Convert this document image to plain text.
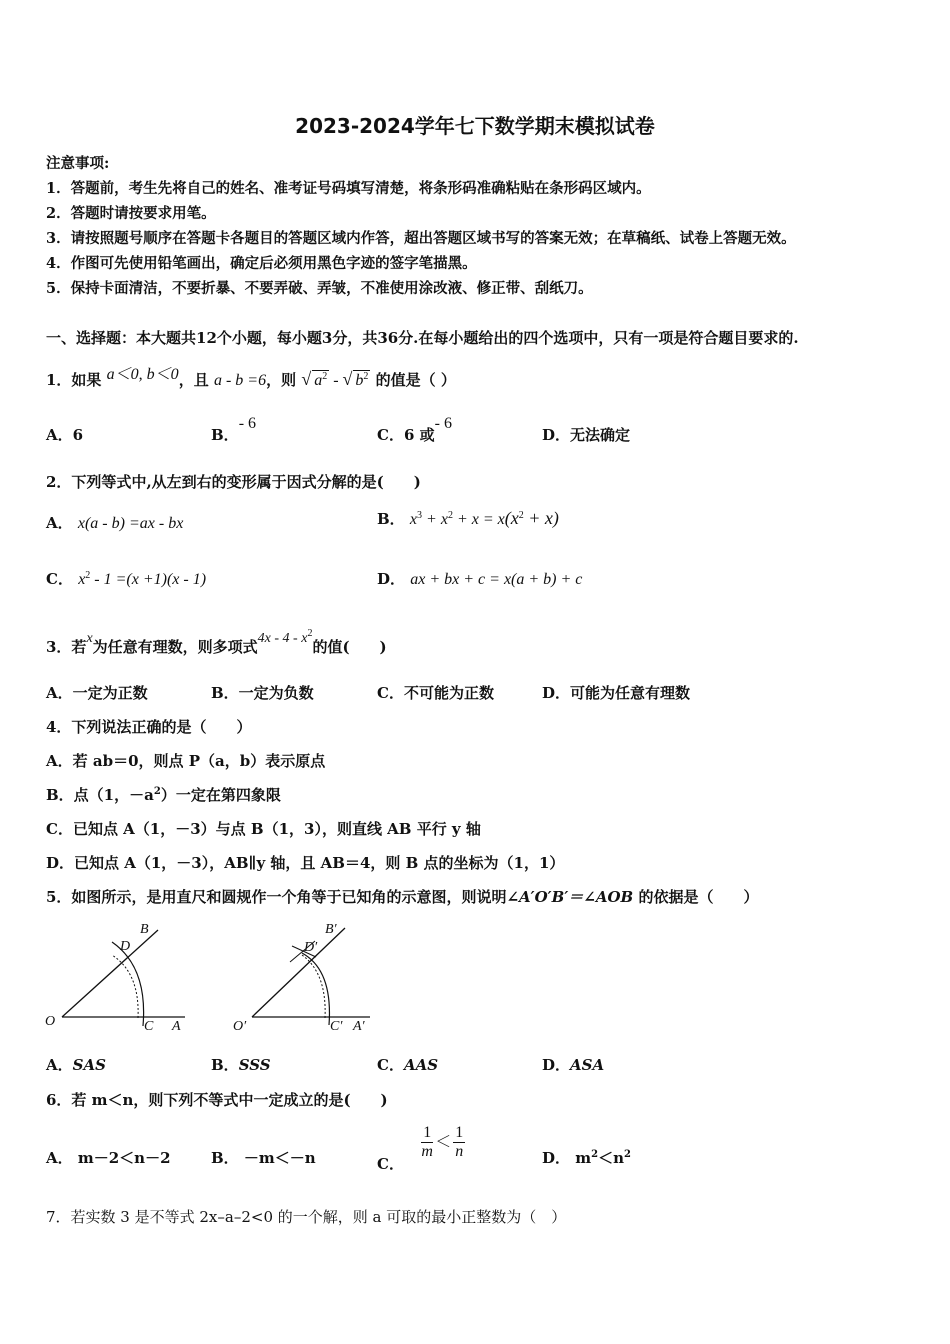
2023-2024学年七下数学期末模拟试卷
注意事项:
1．答题前，考生先将自己的姓名、准考证号码填写清楚，将条形码准确粘贴在条形码区域内。
2．答题时请按要求用笔。
3．请按照题号顺序在答题卡各题目的答题区域内作答，超出答题区域书写的答案无效；在草稿纸、试卷上答题无效。
4．作图可先使用铅笔画出，确定后必须用黑色字迹的签字笔描黑。
5．保持卡面清洁，不要折暴、不要弄破、弄皱，不准使用涂改液、修正带、刮纸刀。
一、选择题：本大题共12个小题，每小题3分，共36分.在每小题给出的四个选项中，只有一项是符合题目要求的.
1．如果 a＜0, b＜0，且 a - b =6，则 √ $a^2$ - √ $b^2$ 的值是（ ）
A．6	B．- 6
C．6 或- 6
D．无法确定
2．下列等式中,从左到右的变形属于因式分解的是(　　)
A． x(a - b) =ax - bx	B． $x^3 + x^2 + x = x(x^2 + x)$
C． $x^2 - 1 =(x +1)(x - 1)$	D． ax + bx + c = x(a + b) + c
3．若x为任意有理数，则多项式$4x - 4 - x^2$的值(　　)
A．一定为正数	B．一定为负数	C．不可能为正数	D．可能为任意有理数
4．下列说法正确的是（　　）
A．若 ab＝0，则点 P（a，b）表示原点
B．点（1，$-a^2$）一定在第四象限
C．已知点 A（1，－3）与点 B（1，3），则直线 AB 平行 y 轴
D．已知点 A（1，－3），AB∥y 轴，且 AB＝4，则 B 点的坐标为（1，1）
5．如图所示，是用直尺和圆规作一个角等于已知角的示意图，则说明∠A′O′B′＝∠AOB 的依据是（　　）
O	C A
D
B
O′	C′ A′
D′
B′
A．SAS	B．SSS	C．AAS	D．ASA
6．若 m＜n，则下列不等式中一定成立的是(　　)
A． m－2＜n－2	B． －m＜－n	C．
$\frac{1}{m} < \frac{1}{n}$	D． $m^2<n^2$
7．若实数 3 是不等式 2x–a–2<0 的一个解，则 a 可取的最小正整数为（　）
